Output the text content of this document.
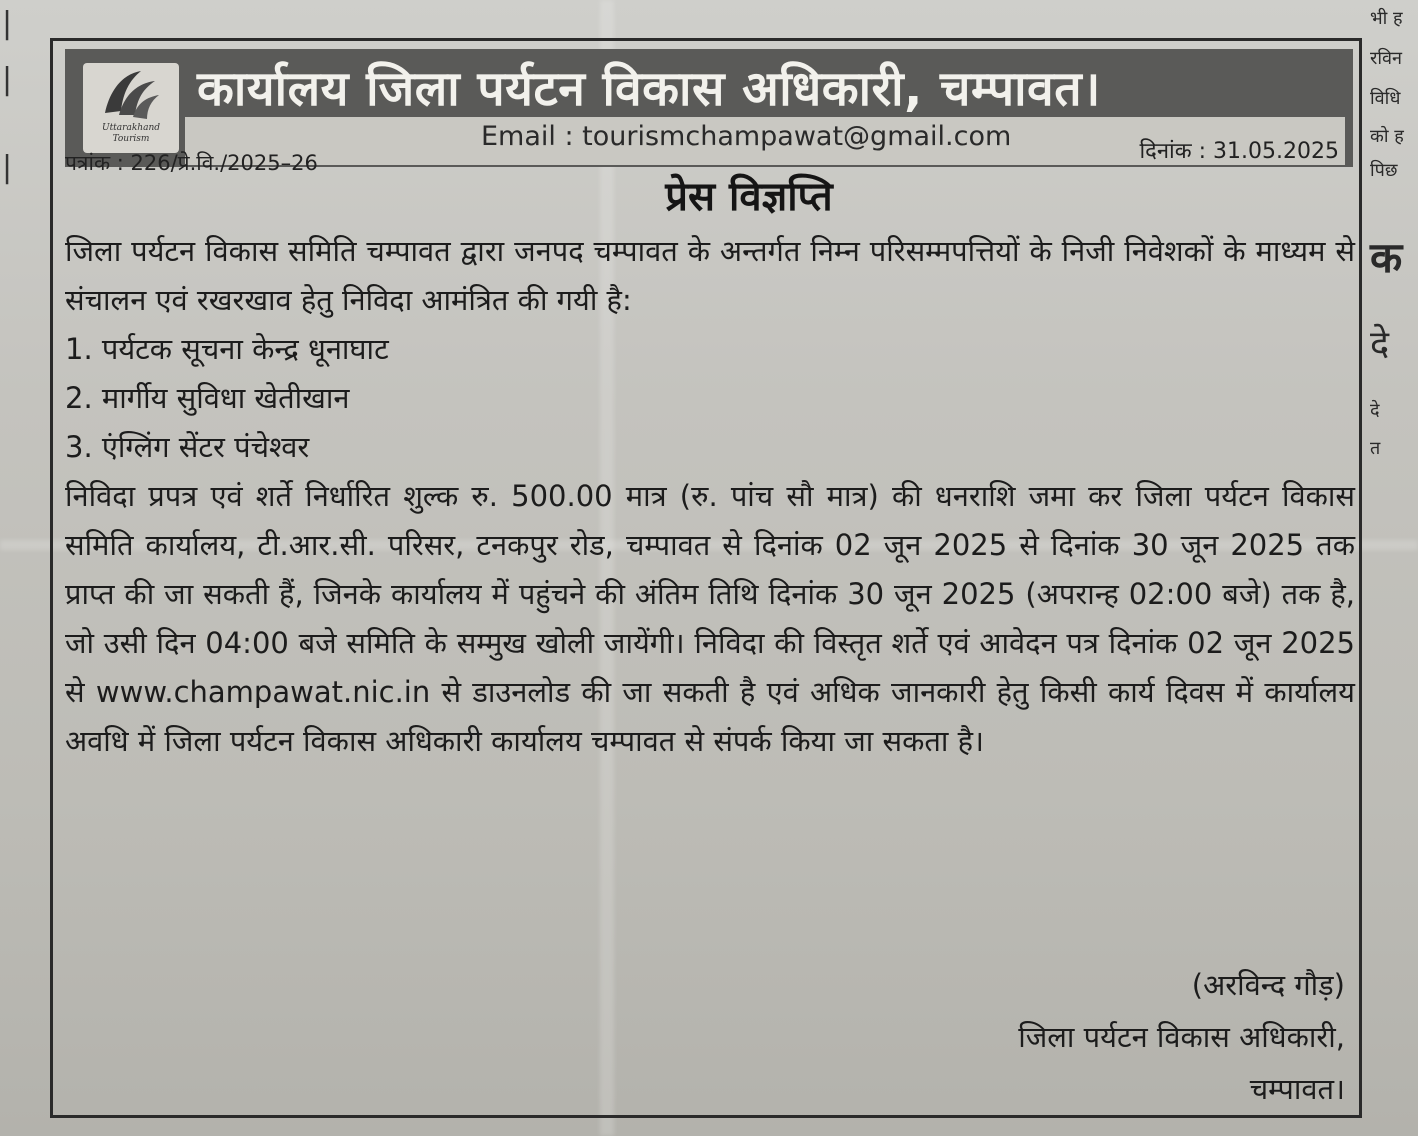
|
|
|
भी ह
रविन
विधि
को ह
पिछ
क
दे
दे
त
Uttarakhand Tourism
कार्यालय जिला पर्यटन विकास अधिकारी, चम्पावत।
Email : tourismchampawat@gmail.com	दिनांक : 31.05.2025
पत्रांक : 226/प्रे.वि./2025–26
प्रेस विज्ञप्ति

जिला पर्यटन विकास समिति चम्पावत द्वारा जनपद चम्पावत के अन्तर्गत निम्न परिसम्मपत्तियों के निजी निवेशकों के माध्यम से संचालन एवं रखरखाव हेतु निविदा आमंत्रित की गयी है:

1. पर्यटक सूचना केन्द्र धूनाघाट

2. मार्गीय सुविधा खेतीखान

3. एंग्लिंग सेंटर पंचेश्वर

निविदा प्रपत्र एवं शर्ते निर्धारित शुल्क रु. 500.00 मात्र (रु. पांच सौ मात्र) की धनराशि जमा कर जिला पर्यटन विकास समिति कार्यालय, टी.आर.सी. परिसर, टनकपुर रोड, चम्पावत से दिनांक 02 जून 2025 से दिनांक 30 जून 2025 तक प्राप्त की जा सकती हैं, जिनके कार्यालय में पहुंचने की अंतिम तिथि दिनांक 30 जून 2025 (अपरान्ह 02:00 बजे) तक है, जो उसी दिन 04:00 बजे समिति के सम्मुख खोली जायेंगी। निविदा की विस्तृत शर्ते एवं आवेदन पत्र दिनांक 02 जून 2025 से www.champawat.nic.in से डाउनलोड की जा सकती है एवं अधिक जानकारी हेतु किसी कार्य दिवस में कार्यालय अवधि में जिला पर्यटन विकास अधिकारी कार्यालय चम्पावत से संपर्क किया जा सकता है।

(अरविन्द गौड़)
जिला पर्यटन विकास अधिकारी,
चम्पावत।
